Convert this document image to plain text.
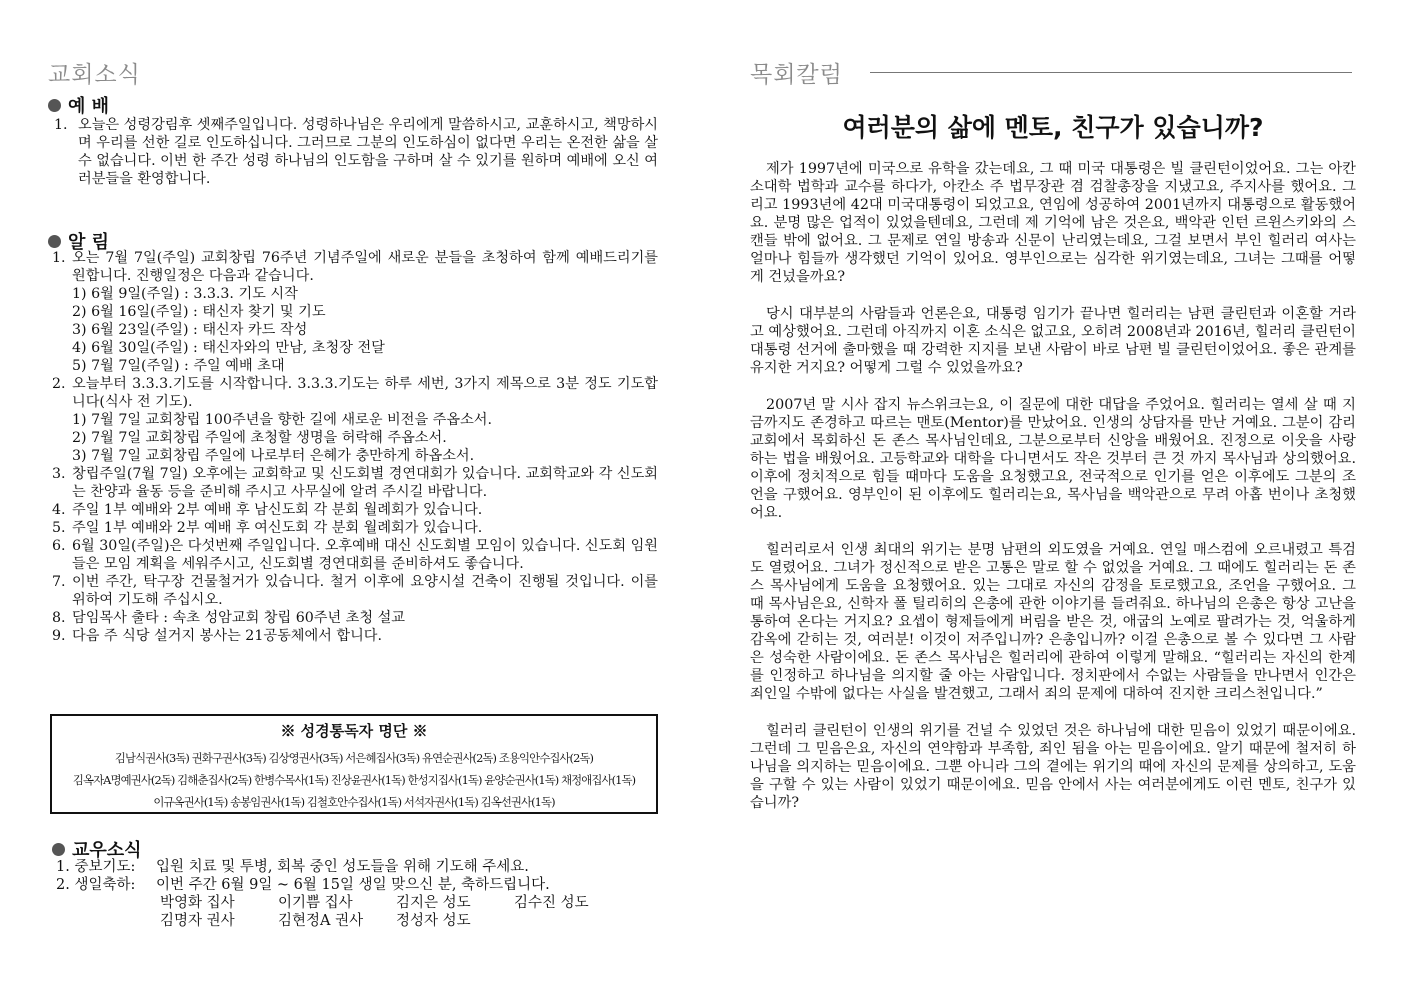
교회소식
예 배
1. 오늘은 성령강림후 셋째주일입니다. 성령하나님은 우리에게 말씀하시고, 교훈하시고, 책망하시며 우리를 선한 길로 인도하십니다. 그러므로 그분의 인도하심이 없다면 우리는 온전한 삶을 살 수 없습니다. 이번 한 주간 성령 하나님의 인도함을 구하며 살 수 있기를 원하며 예배에 오신 여러분들을 환영합니다.
알 림
1. 오는 7월 7일(주일) 교회창립 76주년 기념주일에 새로운 분들을 초청하여 함께 예배드리기를 원합니다. 진행일정은 다음과 같습니다.
1) 6월 9일(주일) : 3.3.3. 기도 시작
2) 6월 16일(주일) : 태신자 찾기 및 기도
3) 6월 23일(주일) : 태신자 카드 작성
4) 6월 30일(주일) : 태신자와의 만남, 초청장 전달
5) 7월 7일(주일) : 주일 예배 초대
2. 오늘부터 3.3.3.기도를 시작합니다. 3.3.3.기도는 하루 세번, 3가지 제목으로 3분 정도 기도합니다(식사 전 기도).
1) 7월 7일 교회창립 100주년을 향한 길에 새로운 비전을 주옵소서.
2) 7월 7일 교회창립 주일에 초청할 생명을 허락해 주옵소서.
3) 7월 7일 교회창립 주일에 나로부터 은혜가 충만하게 하옵소서.
3. 창립주일(7월 7일) 오후에는 교회학교 및 신도회별 경연대회가 있습니다. 교회학교와 각 신도회는 찬양과 율동 등을 준비해 주시고 사무실에 알려 주시길 바랍니다.
4. 주일 1부 예배와 2부 예배 후 남신도회 각 분회 월례회가 있습니다.
5. 주일 1부 예배와 2부 예배 후 여신도회 각 분회 월례회가 있습니다.
6. 6월 30일(주일)은 다섯번째 주일입니다. 오후예배 대신 신도회별 모임이 있습니다. 신도회 임원들은 모임 계획을 세워주시고, 신도회별 경연대회를 준비하셔도 좋습니다.
7. 이번 주간, 탁구장 건물철거가 있습니다. 철거 이후에 요양시설 건축이 진행될 것입니다. 이를 위하여 기도해 주십시오.
8. 담임목사 출타 : 속초 성암교회 창립 60주년 초청 설교
9. 다음 주 식당 설거지 봉사는 21공동체에서 합니다.
※ 성경통독자 명단 ※
김남식권사(3독) 권화구권사(3독) 김상영권사(3독) 서은혜집사(3독) 유연순권사(2독) 조용익안수집사(2독)
김옥자A명예권사(2독) 김해춘집사(2독) 한병수목사(1독) 진상윤권사(1독) 한성지집사(1독) 윤양순권사(1독) 채정애집사(1독)
이규옥권사(1독) 송봉임권사(1독) 김철호안수집사(1독) 서석자권사(1독) 김옥선권사(1독)
교우소식
1. 중보기도:	입원 치료 및 투병, 회복 중인 성도들을 위해 기도해 주세요.
2. 생일축하:	이번 주간 6월 9일 ~ 6월 15일 생일 맞으신 분, 축하드립니다.
박영화 집사	이기쁨 집사	김지은 성도	김수진 성도
김명자 권사	김현정A 권사	정성자 성도
목회칼럼
여러분의 삶에 멘토, 친구가 있습니까?

제가 1997년에 미국으로 유학을 갔는데요, 그 때 미국 대통령은 빌 클린턴이었어요. 그는 아칸소대학 법학과 교수를 하다가, 아칸소 주 법무장관 겸 검찰총장을 지냈고요, 주지사를 했어요. 그리고 1993년에 42대 미국대통령이 되었고요, 연임에 성공하여 2001년까지 대통령으로 활동했어요. 분명 많은 업적이 있었을텐데요, 그런데 제 기억에 남은 것은요, 백악관 인턴 르윈스키와의 스캔들 밖에 없어요. 그 문제로 연일 방송과 신문이 난리였는데요, 그걸 보면서 부인 힐러리 여사는 얼마나 힘들까 생각했던 기억이 있어요. 영부인으로는 심각한 위기였는데요, 그녀는 그때를 어떻게 건넜을까요?

당시 대부분의 사람들과 언론은요, 대통령 임기가 끝나면 힐러리는 남편 클린턴과 이혼할 거라고 예상했어요. 그런데 아직까지 이혼 소식은 없고요, 오히려 2008년과 2016년, 힐러리 클린턴이 대통령 선거에 출마했을 때 강력한 지지를 보낸 사람이 바로 남편 빌 클린턴이었어요. 좋은 관계를 유지한 거지요? 어떻게 그럴 수 있었을까요?

2007년 말 시사 잡지 뉴스위크는요, 이 질문에 대한 대답을 주었어요. 힐러리는 열세 살 때 지금까지도 존경하고 따르는 맨토(Mentor)를 만났어요. 인생의 상담자를 만난 거예요. 그분이 감리교회에서 목회하신 돈 존스 목사님인데요, 그분으로부터 신앙을 배웠어요. 진정으로 이웃을 사랑하는 법을 배웠어요. 고등학교와 대학을 다니면서도 작은 것부터 큰 것 까지 목사님과 상의했어요. 이후에 정치적으로 힘들 때마다 도움을 요청했고요, 전국적으로 인기를 얻은 이후에도 그분의 조언을 구했어요. 영부인이 된 이후에도 힐러리는요, 목사님을 백악관으로 무려 아홉 번이나 초청했어요.

힐러리로서 인생 최대의 위기는 분명 남편의 외도였을 거예요. 연일 매스컴에 오르내렸고 특검도 열렸어요. 그녀가 정신적으로 받은 고통은 말로 할 수 없었을 거예요. 그 때에도 힐러리는 돈 존스 목사님에게 도움을 요청했어요. 있는 그대로 자신의 감정을 토로했고요, 조언을 구했어요. 그 때 목사님은요, 신학자 폴 틸리히의 은총에 관한 이야기를 들려줘요. 하나님의 은총은 항상 고난을 통하여 온다는 거지요? 요셉이 형제들에게 버림을 받은 것, 애굽의 노예로 팔려가는 것, 억울하게 감옥에 갇히는 것, 여러분! 이것이 저주입니까? 은총입니까? 이걸 은총으로 볼 수 있다면 그 사람은 성숙한 사람이에요. 돈 존스 목사님은 힐러리에 관하여 이렇게 말해요. “힐러리는 자신의 한계를 인정하고 하나님을 의지할 줄 아는 사람입니다. 정치판에서 수없는 사람들을 만나면서 인간은 죄인일 수밖에 없다는 사실을 발견했고, 그래서 죄의 문제에 대하여 진지한 크리스천입니다.”

힐러리 클린턴이 인생의 위기를 건널 수 있었던 것은 하나님에 대한 믿음이 있었기 때문이에요. 그런데 그 믿음은요, 자신의 연약함과 부족함, 죄인 됨을 아는 믿음이에요. 알기 때문에 철저히 하나님을 의지하는 믿음이에요. 그뿐 아니라 그의 곁에는 위기의 때에 자신의 문제를 상의하고, 도움을 구할 수 있는 사람이 있었기 때문이에요. 믿음 안에서 사는 여러분에게도 이런 멘토, 친구가 있습니까?
